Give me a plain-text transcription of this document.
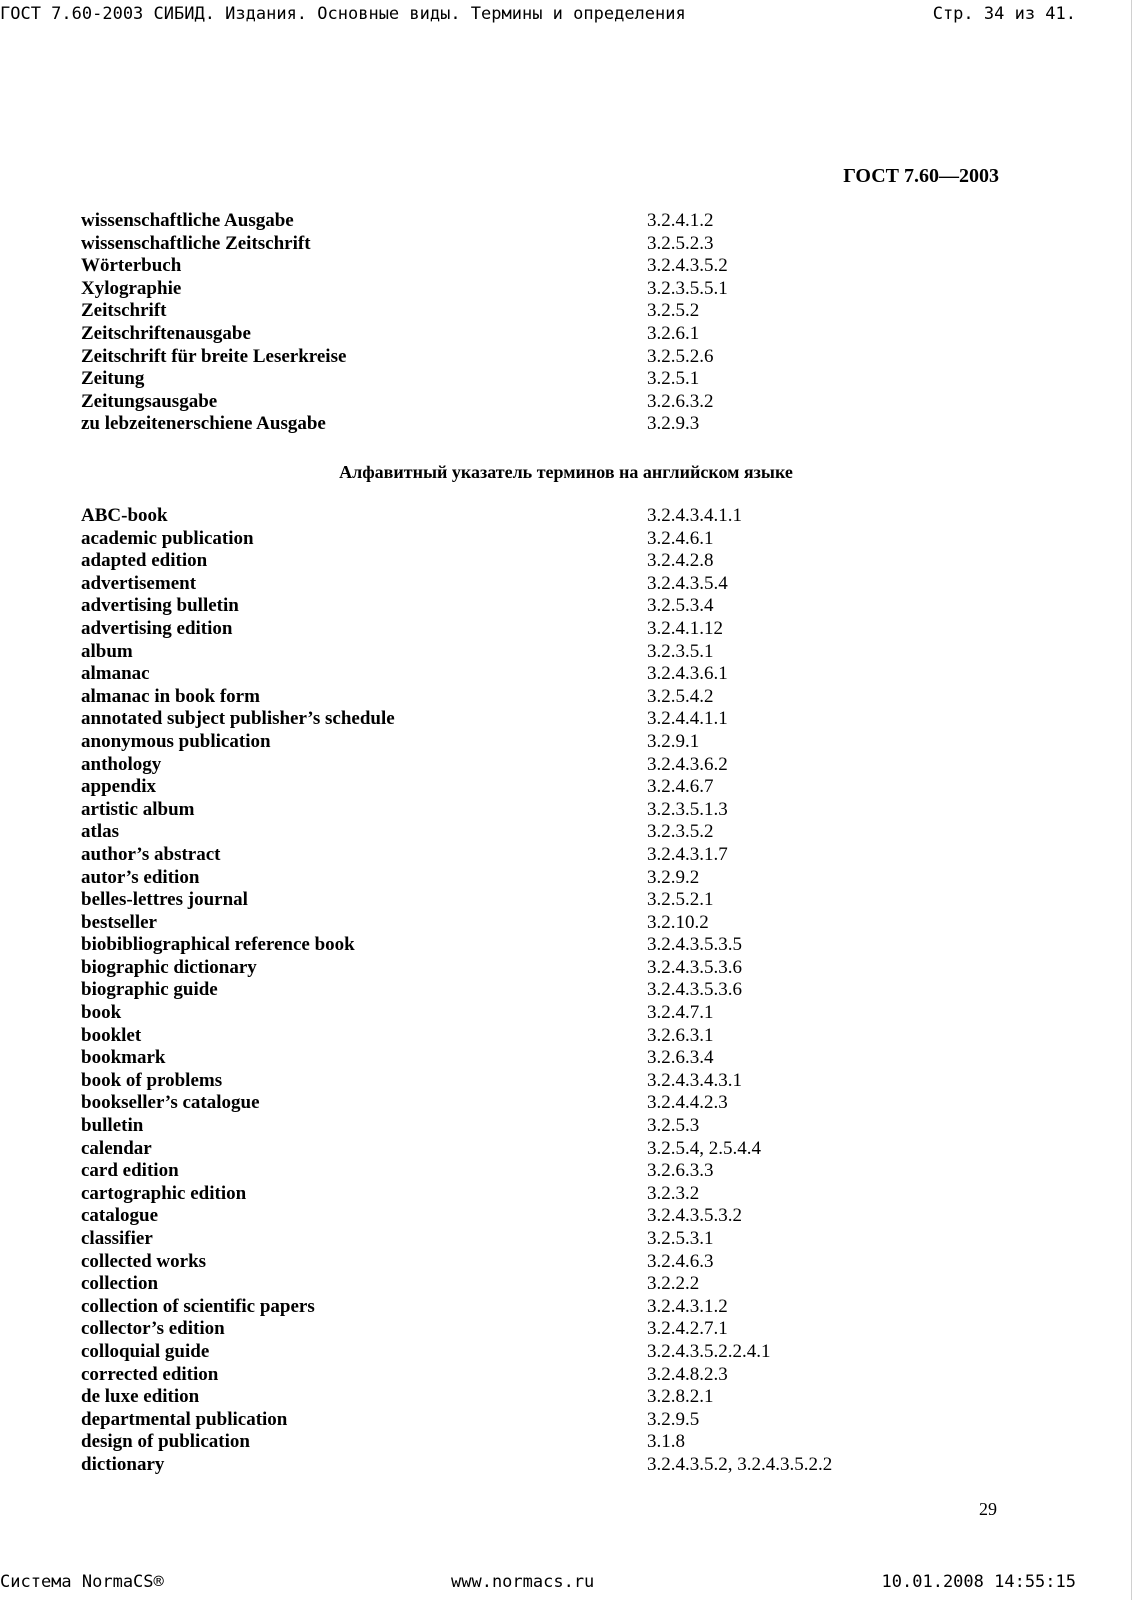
ГОСТ 7.60-2003 СИБИД. Издания. Основные виды. Термины и определения	Стр. 34 из 41.
ГОСТ 7.60—2003
wissenschaftliche Ausgabe	3.2.4.1.2
wissenschaftliche Zeitschrift	3.2.5.2.3
Wörterbuch	3.2.4.3.5.2
Xylographie	3.2.3.5.5.1
Zeitschrift	3.2.5.2
Zeitschriftenausgabe	3.2.6.1
Zeitschrift für breite Leserkreise	3.2.5.2.6
Zeitung	3.2.5.1
Zeitungsausgabe	3.2.6.3.2
zu lebzeitenerschiene Ausgabe	3.2.9.3
Алфавитный указатель терминов на английском языке
ABC-book	3.2.4.3.4.1.1
academic publication	3.2.4.6.1
adapted edition	3.2.4.2.8
advertisement	3.2.4.3.5.4
advertising bulletin	3.2.5.3.4
advertising edition	3.2.4.1.12
album	3.2.3.5.1
almanac	3.2.4.3.6.1
almanac in book form	3.2.5.4.2
annotated subject publisher’s schedule	3.2.4.4.1.1
anonymous publication	3.2.9.1
anthology	3.2.4.3.6.2
appendix	3.2.4.6.7
artistic album	3.2.3.5.1.3
atlas	3.2.3.5.2
author’s abstract	3.2.4.3.1.7
autor’s edition	3.2.9.2
belles-lettres journal	3.2.5.2.1
bestseller	3.2.10.2
biobibliographical reference book	3.2.4.3.5.3.5
biographic dictionary	3.2.4.3.5.3.6
biographic guide	3.2.4.3.5.3.6
book	3.2.4.7.1
booklet	3.2.6.3.1
bookmark	3.2.6.3.4
book of problems	3.2.4.3.4.3.1
bookseller’s catalogue	3.2.4.4.2.3
bulletin	3.2.5.3
calendar	3.2.5.4, 2.5.4.4
card edition	3.2.6.3.3
cartographic edition	3.2.3.2
catalogue	3.2.4.3.5.3.2
classifier	3.2.5.3.1
collected works	3.2.4.6.3
collection	3.2.2.2
collection of scientific papers	3.2.4.3.1.2
collector’s edition	3.2.4.2.7.1
colloquial guide	3.2.4.3.5.2.2.4.1
corrected edition	3.2.4.8.2.3
de luxe edition	3.2.8.2.1
departmental publication	3.2.9.5
design of publication	3.1.8
dictionary	3.2.4.3.5.2, 3.2.4.3.5.2.2
29
Система NormaCS®	www.normacs.ru	10.01.2008 14:55:15
